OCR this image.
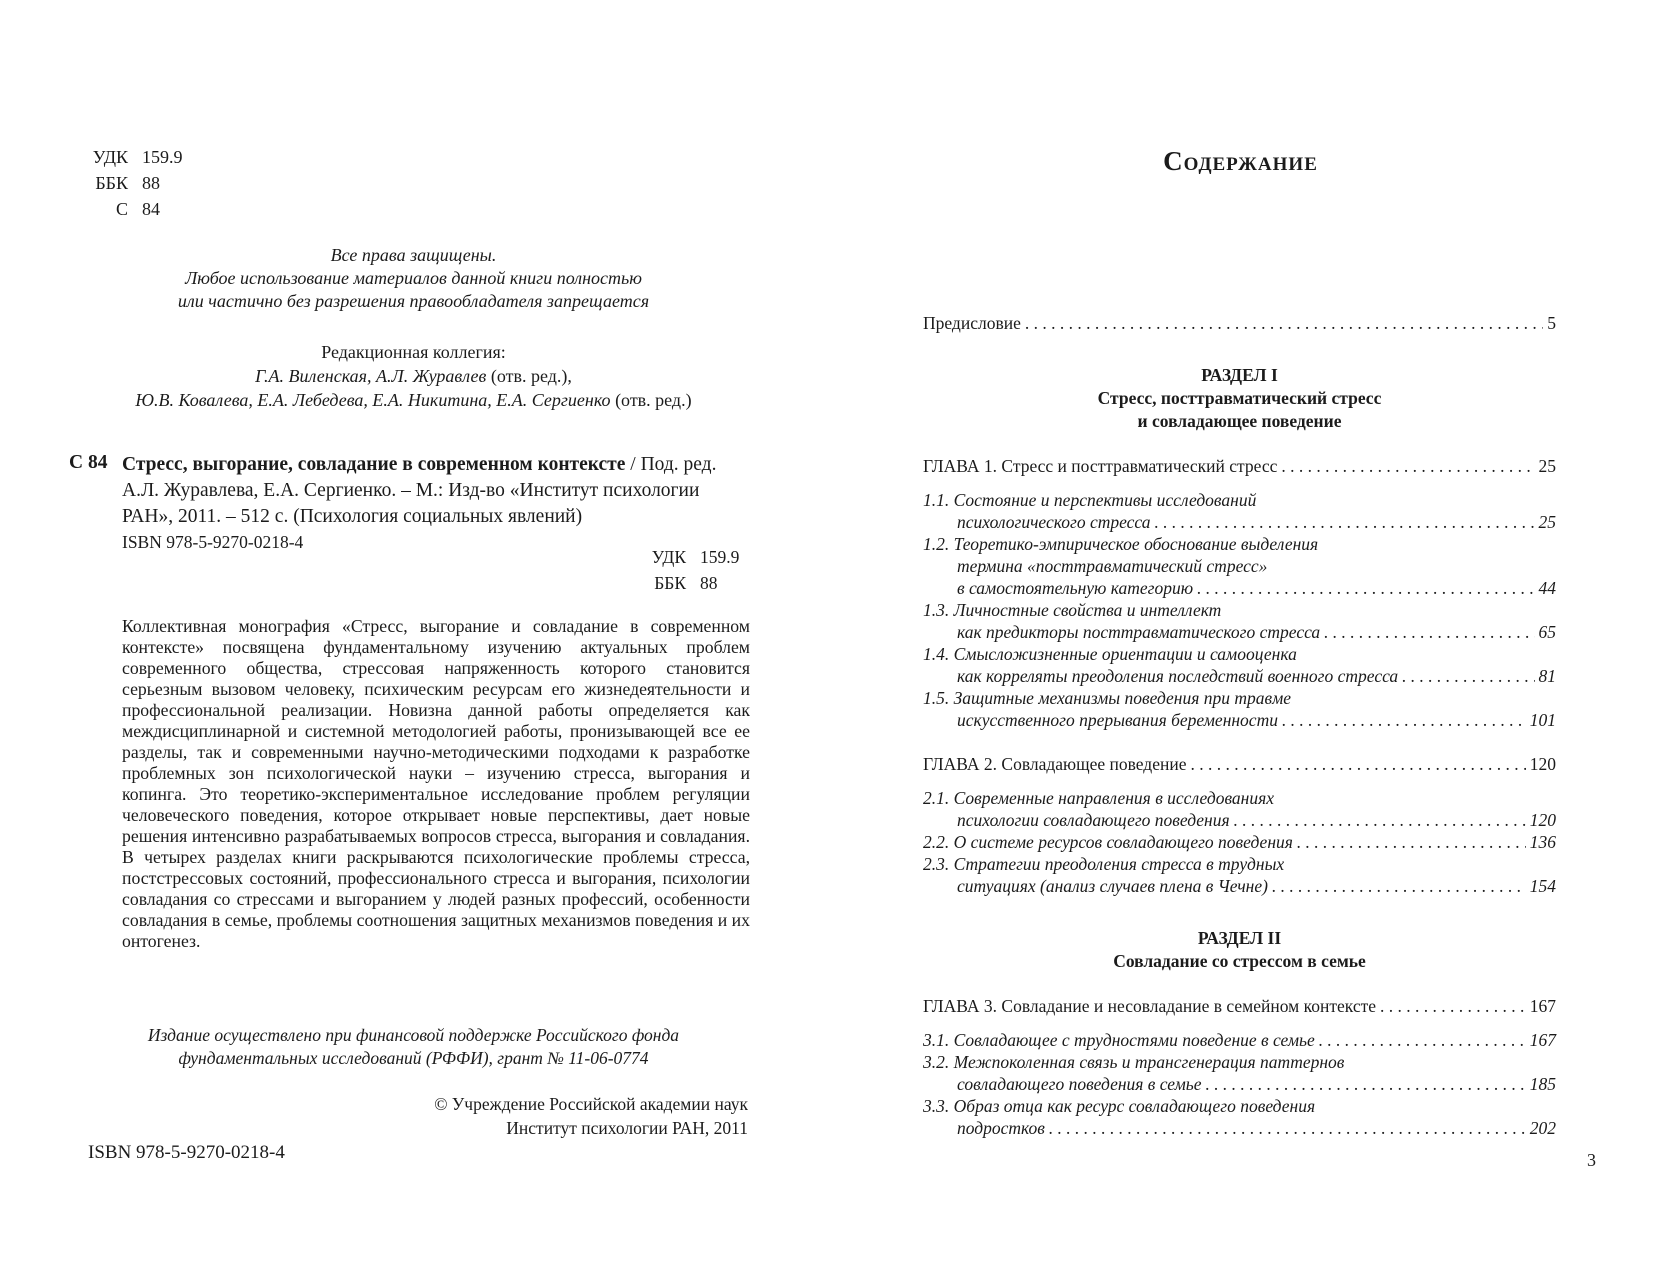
УДК 159.9
ББК 88
С 84
Все права защищены.
Любое использование материалов данной книги полностью
или частично без разрешения правообладателя запрещается
Редакционная коллегия:
Г.А. Виленская, А.Л. Журавлев (отв. ред.),
Ю.В. Ковалева, Е.А. Лебедева, Е.А. Никитина, Е.А. Сергиенко (отв. ред.)
С 84 Стресс, выгорание, совладание в современном контексте / Под. ред. А.Л. Журавлева, Е.А. Сергиенко. – М.: Изд-во «Институт психологии РАН», 2011. – 512 с. (Психология социальных явлений)
ISBN 978-5-9270-0218-4
УДК 159.9
ББК 88
Коллективная монография «Стресс, выгорание и совладание в современном контексте» посвящена фундаментальному изучению актуальных проблем современного общества, стрессовая напряженность которого становится серьезным вызовом человеку, психическим ресурсам его жизнедеятельности и профессиональной реализации. Новизна данной работы определяется как междисциплинарной и системной методологией работы, пронизывающей все ее разделы, так и современными научно-методическими подходами к разработке проблемных зон психологической науки – изучению стресса, выгорания и копинга. Это теоретико-экспериментальное исследование проблем регуляции человеческого поведения, которое открывает новые перспективы, дает новые решения интенсивно разрабатываемых вопросов стресса, выгорания и совладания. В четырех разделах книги раскрываются психологические проблемы стресса, постстрессовых состояний, профессионального стресса и выгорания, психологии совладания со стрессами и выгоранием у людей разных профессий, особенности совладания в семье, проблемы соотношения защитных механизмов поведения и их онтогенез.
Издание осуществлено при финансовой поддержке Российского фонда
фундаментальных исследований (РФФИ), грант № 11-06-0774
© Учреждение Российской академии наук
Институт психологии РАН, 2011
ISBN 978-5-9270-0218-4
Содержание
Предисловие . . .	5
РАЗДЕЛ I
Стресс, посттравматический стресс
и совладающее поведение
ГЛАВА 1. Стресс и посттравматический стресс . . .	25
1.1. Состояние и перспективы исследований
психологического стресса . . .	25
1.2. Теоретико-эмпирическое обоснование выделения
термина «посттравматический стресс»
в самостоятельную категорию . . .	44
1.3. Личностные свойства и интеллект
как предикторы посттравматического стресса . . .	65
1.4. Смысложизненные ориентации и самооценка
как корреляты преодоления последствий военного стресса . . .	81
1.5. Защитные механизмы поведения при травме
искусственного прерывания беременности . . .	101
ГЛАВА 2. Совладающее поведение . . .	120
2.1. Современные направления в исследованиях
психологии совладающего поведения . . .	120
2.2. О системе ресурсов совладающего поведения . . .	136
2.3. Стратегии преодоления стресса в трудных
ситуациях (анализ случаев плена в Чечне) . . .	154
РАЗДЕЛ II
Совладание со стрессом в семье
ГЛАВА 3. Совладание и несовладание в семейном контексте . . .	167
3.1. Совладающее с трудностями поведение в семье . . .	167
3.2. Межпоколенная связь и трансгенерация паттернов
совладающего поведения в семье . . .	185
3.3. Образ отца как ресурс совладающего поведения
подростков . . .	202
3
